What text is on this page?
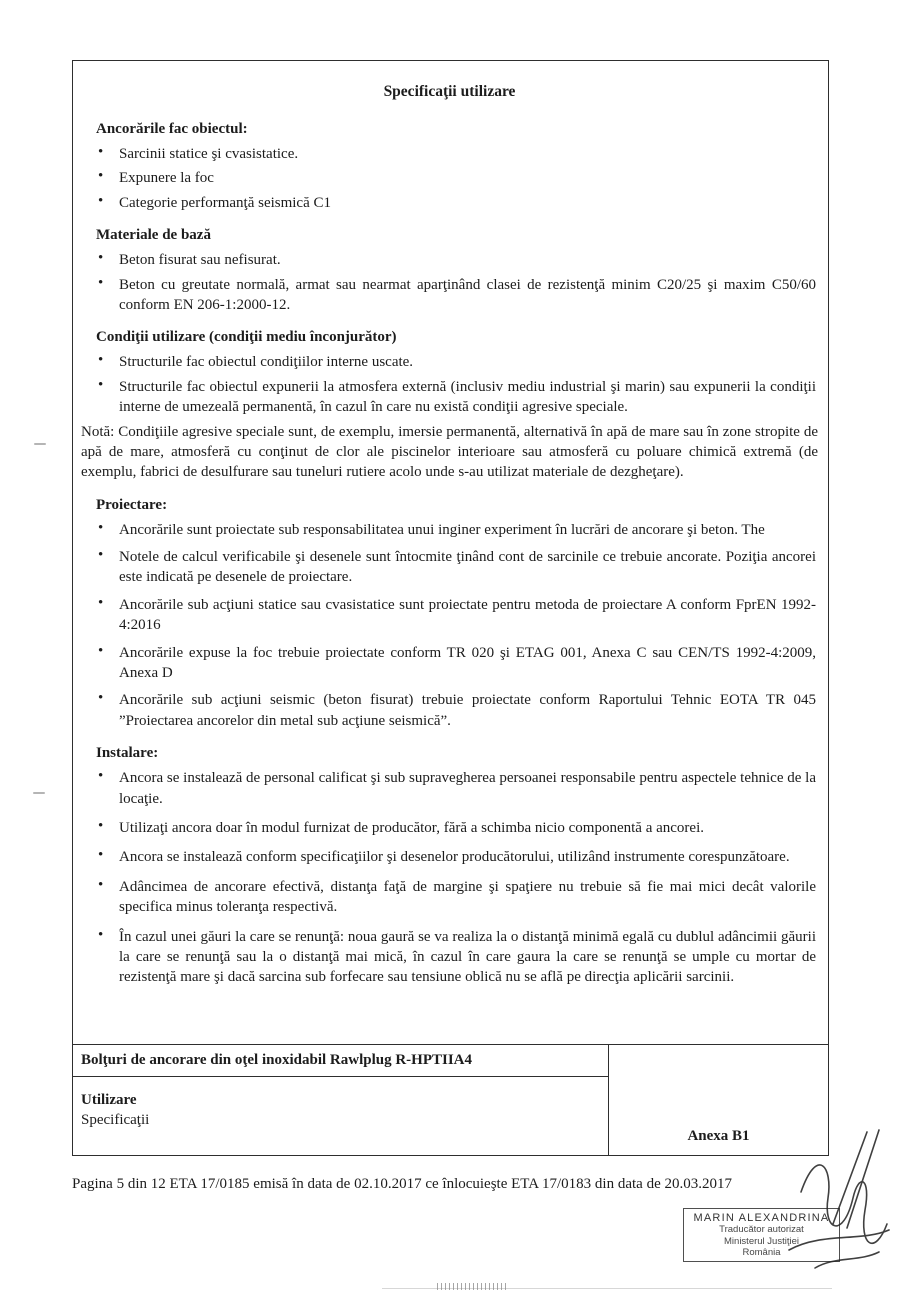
Specificaţii utilizare
Ancorările fac obiectul:
•	Sarcinii statice şi cvasistatice.
•	Expunere la foc
•	Categorie performanţă seismică C1
Materiale de bază
•	Beton fisurat sau nefisurat.
•	Beton cu greutate normală, armat sau nearmat aparţinând clasei de rezistenţă minim C20/25 şi maxim C50/60 conform EN 206-1:2000-12.
Condiţii utilizare (condiţii mediu înconjurător)
•	Structurile fac obiectul condiţiilor interne uscate.
•	Structurile fac obiectul expunerii la atmosfera externă (inclusiv mediu industrial şi marin) sau expunerii la condiţii interne de umezeală permanentă, în cazul în care nu există condiţii agresive speciale.
Notă: Condiţiile agresive speciale sunt, de exemplu, imersie permanentă, alternativă în apă de mare sau în zone stropite de apă de mare, atmosferă cu conţinut de clor ale piscinelor interioare sau atmosferă cu poluare chimică extremă (de exemplu, fabrici de desulfurare sau tuneluri rutiere acolo unde s-au utilizat materiale de dezgheţare).
Proiectare:
•	Ancorările sunt proiectate sub responsabilitatea unui inginer experiment în lucrări de ancorare şi beton. The
•	Notele de calcul verificabile şi desenele sunt întocmite ţinând cont de sarcinile ce trebuie ancorate. Poziţia ancorei este indicată pe desenele de proiectare.
•	Ancorările sub acţiuni statice sau cvasistatice sunt proiectate pentru metoda de proiectare A conform FprEN 1992-4:2016
•	Ancorările expuse la foc trebuie proiectate conform TR 020 şi ETAG 001, Anexa C sau CEN/TS 1992-4:2009, Anexa D
•	Ancorările sub acţiuni seismic (beton fisurat) trebuie proiectate conform Raportului Tehnic EOTA TR 045 ”Proiectarea ancorelor din metal sub acţiune seismică”.
Instalare:
•	Ancora se instalează de personal calificat şi sub supravegherea persoanei responsabile pentru aspectele tehnice de la locaţie.
•	Utilizaţi ancora doar în modul furnizat de producător, fără a schimba nicio componentă a ancorei.
•	Ancora se instalează conform specificaţiilor şi desenelor producătorului, utilizând instrumente corespunzătoare.
•	Adâncimea de ancorare efectivă, distanţa faţă de margine şi spaţiere nu trebuie să fie mai mici decât valorile specifica minus toleranţa respectivă.
•	În cazul unei găuri la care se renunţă: noua gaură se va realiza la o distanţă minimă egală cu dublul adâncimii găurii la care se renunţă sau la o distanţă mai mică, în cazul în care gaura la care se renunţă se umple cu mortar de rezistenţă mare şi dacă sarcina sub forfecare sau tensiune oblică nu se află pe direcţia aplicării sarcinii.
Bolţuri de ancorare din oţel inoxidabil Rawlplug R-HPTIIA4
Utilizare
Specificaţii
Anexa B1
Pagina 5 din 12 ETA 17/0185 emisă în data de 02.10.2017 ce înlocuieşte ETA 17/0183 din data de 20.03.2017
MARIN ALEXANDRINA
Traducător autorizat
Ministerul Justiţiei
România
